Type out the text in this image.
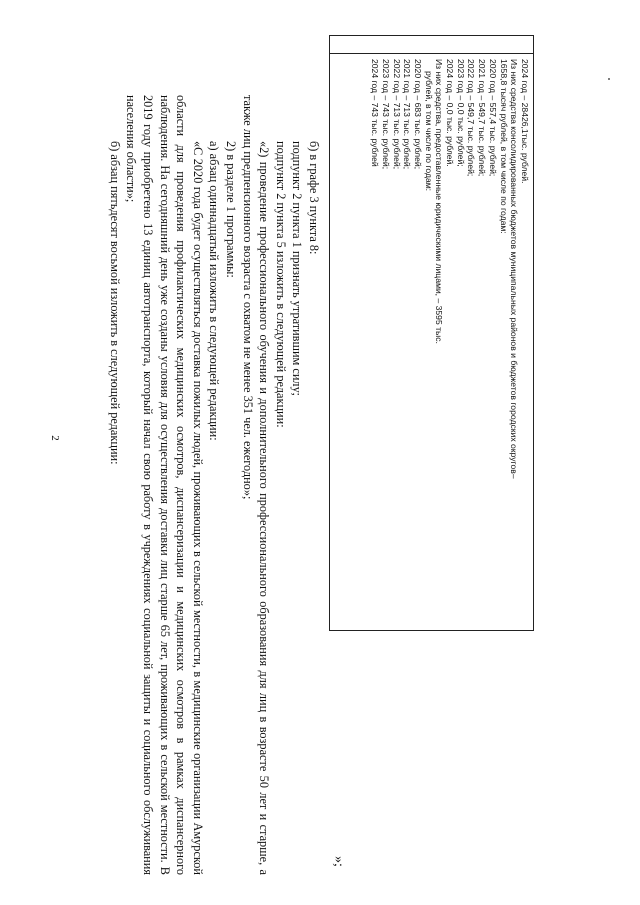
2
2024 год – 28426,1тыс. рублей.
Из них средства консолидированных бюджетов муниципальных районов и бюджетов городских округов–
1658,8 тысяч рублей, в том числе по годам:
2020 год – 557,4 тыс. рублей;
2021 год – 549,7 тыс. рублей;
2022 год – 549,7 тыс. рублей;
2023 год – 0,0 тыс. рублей;
2024 год – 0,0 тыс. рублей.
Из них средства, предоставленные юридическими лицами, – 3595 тыс.
рублей, в том числе по годам:
2020 год – 683 тыс. рублей;
2021 год – 713 тыс. рублей;
2022 год – 713 тыс. рублей;
2023 год – 743 тыс. рублей;
2024 год – 743 тыс. рублей
»;
б) в графе 3 пункта 8:
подпункт 2 пункта 1 признать утратившим силу;
подпункт 2 пункта 5 изложить в следующей редакции:
«2) проведение профессионального обучения и дополнительного профессионального образования для лиц в возрасте 50 лет и старше, а также лиц предпенсионного возраста с охватом не менее 351 чел. ежегодно»;
2) в разделе 1 программы:
а) абзац одиннадцатый изложить в следующей редакции:
«С 2020 года будет осуществляться доставка пожилых людей, проживающих в сельской местности, в медицинские организации Амурской области для проведения профилактических медицинских осмотров, диспансеризации и медицинских осмотров в рамках диспансерного наблюдения. На сегодняшний день уже созданы условия для осуществления доставки лиц старше 65 лет, проживающих в сельской местности. В 2019 году приобретено 13 единиц автотранспорта, который начал свою работу в учреждениях социальной защиты и социального обслуживания населения области»;
б) абзац пятьдесят восьмой изложить в следующей редакции:
